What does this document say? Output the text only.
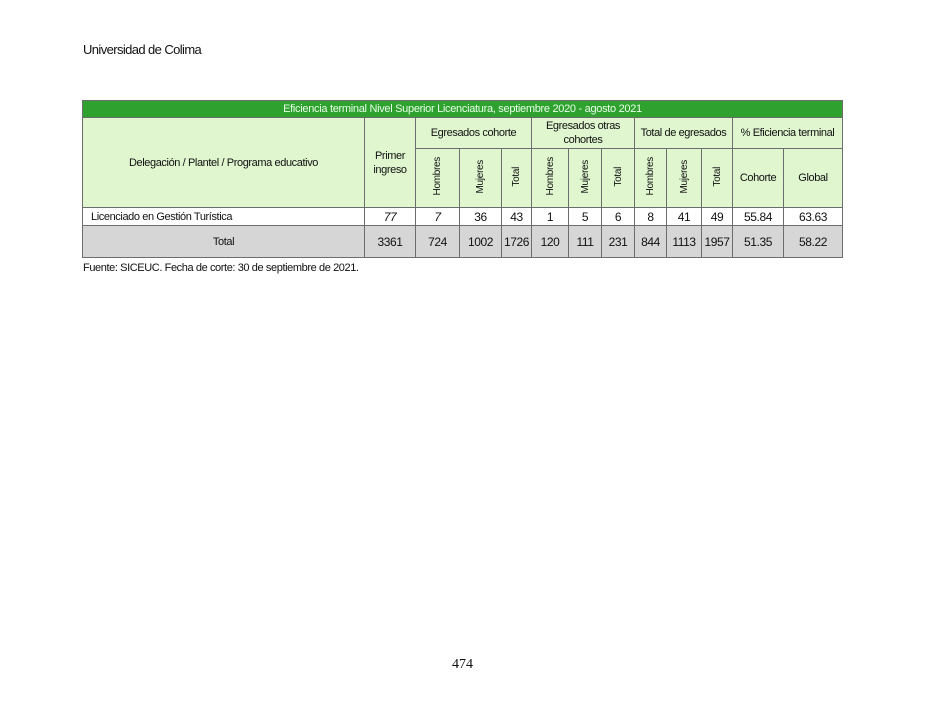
Universidad de Colima
Eficiencia terminal Nivel Superior Licenciatura, septiembre 2020 - agosto 2021												
Delegación / Plantel / Programa educativo	Primer ingreso	Egresados cohorte			Egresados otras cohortes			Total de egresados			% Eficiencia terminal	
		Hombres	Mujeres	Total	Hombres	Mujeres	Total	Hombres	Mujeres	Total	Cohorte	Global
Licenciado en Gestión Turística	77	7	36	43	1	5	6	8	41	49	55.84	63.63
Total	3361	724	1002	1726	120	111	231	844	1113	1957	51.35	58.22
Fuente: SICEUC. Fecha de corte: 30 de septiembre de 2021.
474
